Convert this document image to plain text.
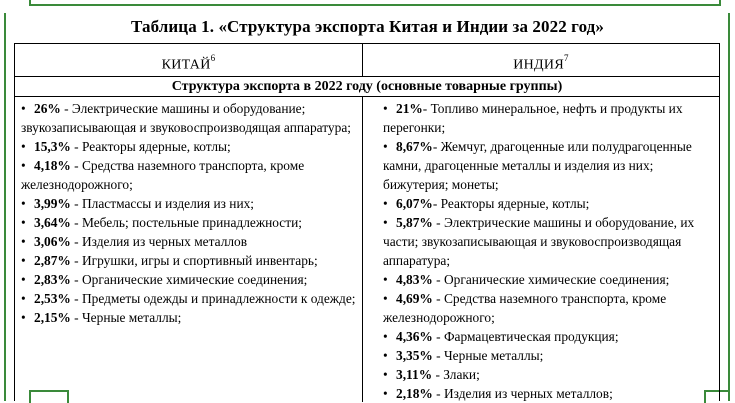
Таблица 1. «Структура экспорта Китая и Индии за 2022 год»
КИТАЙ$^6$	ИНДИЯ$^7$
Структура экспорта в 2022 году (основные товарные группы)

• 26% - Электрические машины и оборудование; звукозаписывающая и звуковоспроизводящая аппаратура;

• 15,3% - Реакторы ядерные, котлы;

• 4,18% - Средства наземного транспорта, кроме железнодорожного;

• 3,99% - Пластмассы и изделия из них;

• 3,64% - Мебель; постельные принадлежности;

• 3,06% - Изделия из черных металлов

• 2,87% - Игрушки, игры и спортивный инвентарь;

• 2,83% - Органические химические соединения;

• 2,53% - Предметы одежды и принадлежности к одежде;

• 2,15% - Черные металлы;

• 21%- Топливо минеральное, нефть и продукты их перегонки;

• 8,67%- Жемчуг, драгоценные или полудрагоценные камни, драгоценные металлы и изделия из них; бижутерия; монеты;

• 6,07%- Реакторы ядерные, котлы;

• 5,87% - Электрические машины и оборудование, их части; звукозаписывающая и звуковоспроизводящая аппаратура;

• 4,83% - Органические химические соединения;

• 4,69% - Средства наземного транспорта, кроме железнодорожного;

• 4,36% - Фармацевтическая продукция;

• 3,35% - Черные металлы;

• 3,11% - Злаки;

• 2,18% - Изделия из черных металлов;
